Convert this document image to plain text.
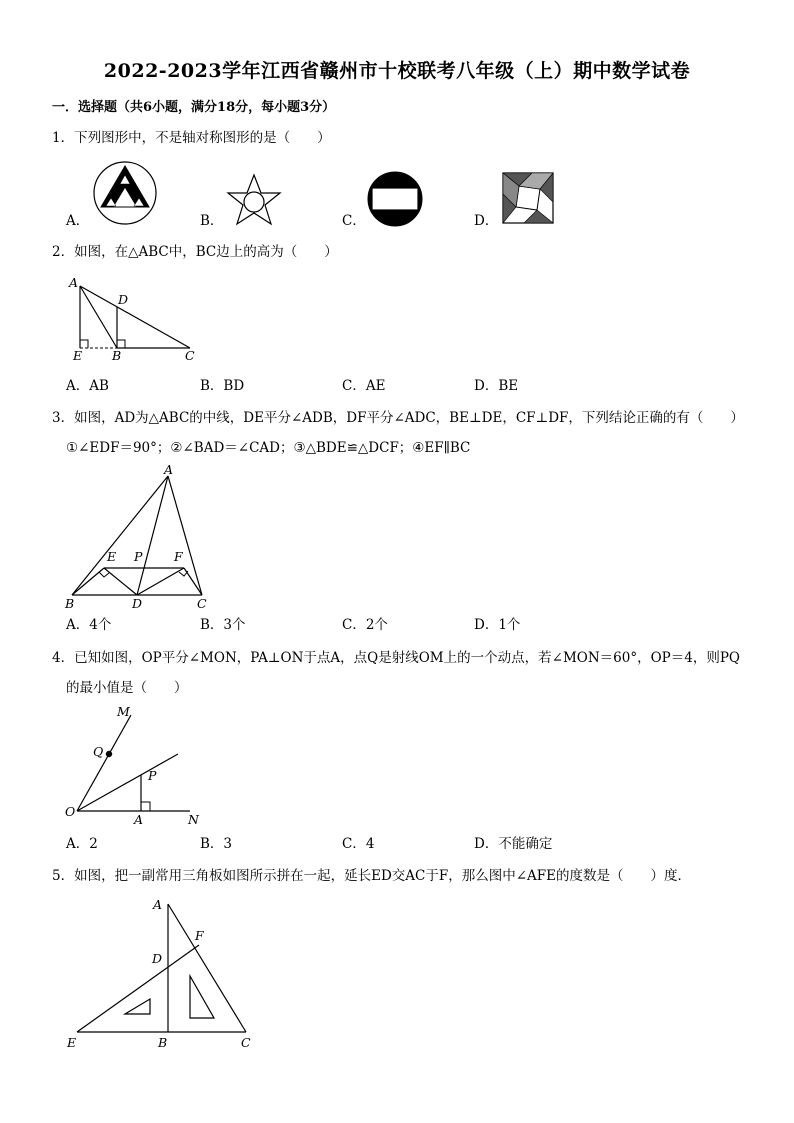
2022-2023学年江西省赣州市十校联考八年级（上）期中数学试卷
一．选择题（共6小题，满分18分，每小题3分）
1．下列图形中，不是轴对称图形的是（　　）
A．	B．	C．	D．
2．如图，在△ABC中，BC边上的高为（　　）
A
D
E B	C
A．AB	B．BD	C．AE	D．BE
3．如图，AD为△ABC的中线，DE平分∠ADB，DF平分∠ADC，BE⊥DE，CF⊥DF，下列结论正确的有（　　）
①∠EDF＝90°；②∠BAD＝∠CAD；③△BDE≌△DCF；④EF∥BC
A
E P	F
B	D	C
A．4个	B．3个	C．2个	D．1个
4．已知如图，OP平分∠MON，PA⊥ON于点A，点Q是射线OM上的一个动点，若∠MON＝60°，OP＝4，则PQ
的最小值是（　　）
M
Q
P
O
A	N
A．2	B．3	C．4	D．不能确定
5．如图，把一副常用三角板如图所示拼在一起，延长ED交AC于F，那么图中∠AFE的度数是（　　）度．
A
F
D
E	B	C
